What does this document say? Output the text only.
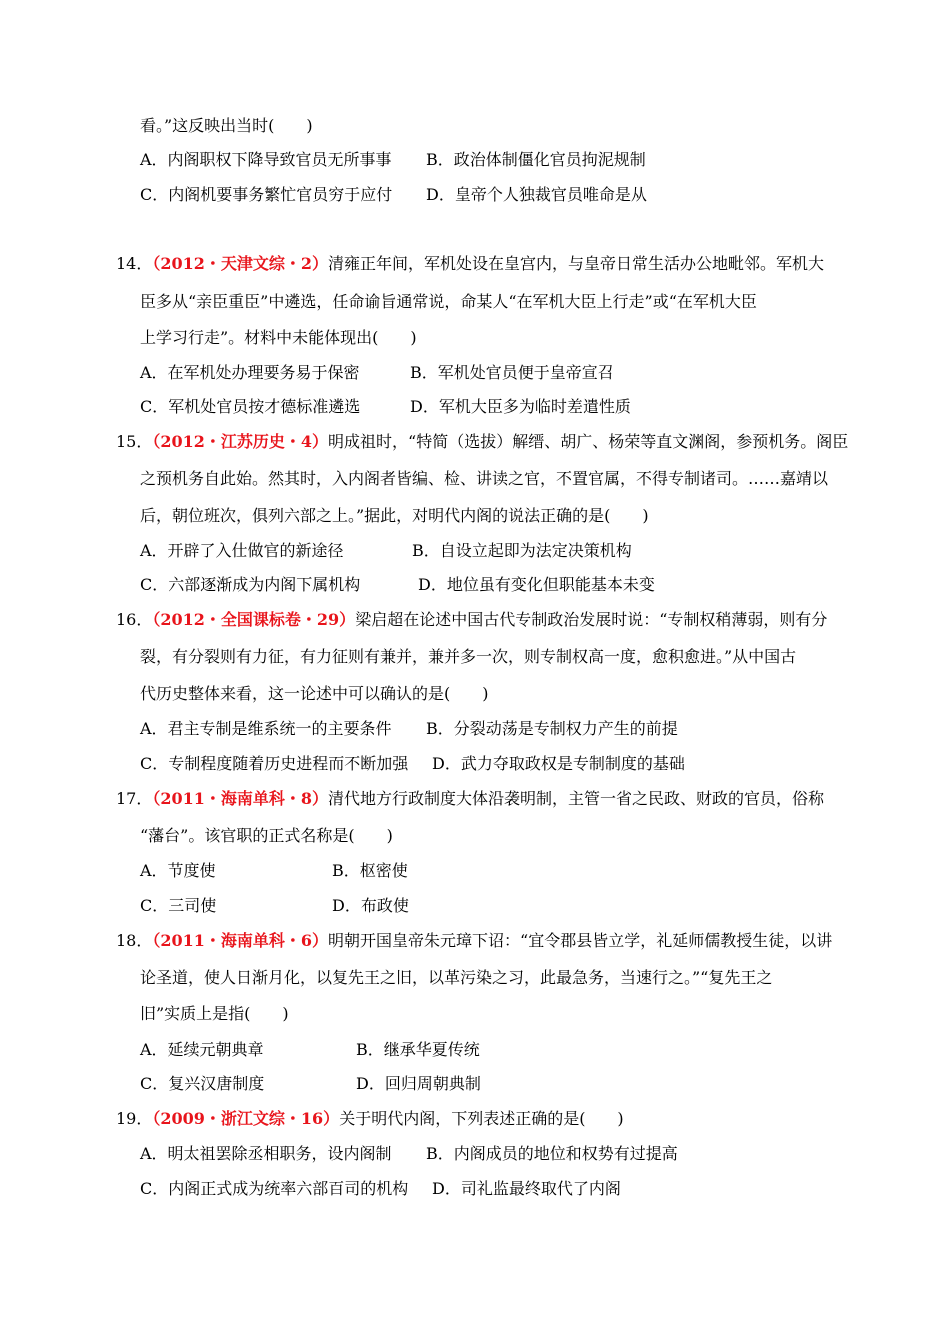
看。”这反映出当时(　　)
A．内阁职权下降导致官员无所事事 B．政治体制僵化官员拘泥规制
C．内阁机要事务繁忙官员穷于应付 D．皇帝个人独裁官员唯命是从
14．（2012・天津文综・2）清雍正年间，军机处设在皇宫内，与皇帝日常生活办公地毗邻。军机大
臣多从“亲臣重臣”中遴选，任命谕旨通常说，命某人“在军机大臣上行走”或“在军机大臣
上学习行走”。材料中未能体现出(　　)
A．在军机处办理要务易于保密	B．军机处官员便于皇帝宣召
C．军机处官员按才德标准遴选	D．军机大臣多为临时差遣性质
15．（2012・江苏历史・4）明成祖时，“特简（选拔）解缙、胡广、杨荣等直文渊阁，参预机务。阁臣
之预机务自此始。然其时，入内阁者皆编、检、讲读之官，不置官属，不得专制诸司。……嘉靖以
后，朝位班次，俱列六部之上。”据此，对明代内阁的说法正确的是(　　)
A．开辟了入仕做官的新途径	B．自设立起即为法定决策机构
C．六部逐渐成为内阁下属机构	D．地位虽有变化但职能基本未变
16．（2012・全国课标卷・29）梁启超在论述中国古代专制政治发展时说：“专制权稍薄弱，则有分
裂，有分裂则有力征，有力征则有兼并，兼并多一次，则专制权高一度，愈积愈进。”从中国古
代历史整体来看，这一论述中可以确认的是(　　)
A．君主专制是维系统一的主要条件 B．分裂动荡是专制权力产生的前提
C．专制程度随着历史进程而不断加强 D．武力夺取政权是专制制度的基础
17．（2011・海南单科・8）清代地方行政制度大体沿袭明制，主管一省之民政、财政的官员，俗称
“藩台”。该官职的正式名称是(　　)
A．节度使	B．枢密使
C．三司使	D．布政使
18．（2011・海南单科・6）明朝开国皇帝朱元璋下诏：“宜令郡县皆立学，礼延师儒教授生徒，以讲
论圣道，使人日渐月化，以复先王之旧，以革污染之习，此最急务，当速行之。”“复先王之
旧”实质上是指(　　)
A．延续元朝典章	B．继承华夏传统
C．复兴汉唐制度	D．回归周朝典制
19．（2009・浙江文综・16）关于明代内阁，下列表述正确的是(　　)
A．明太祖罢除丞相职务，设内阁制 B．内阁成员的地位和权势有过提高
C．内阁正式成为统率六部百司的机构 D．司礼监最终取代了内阁
